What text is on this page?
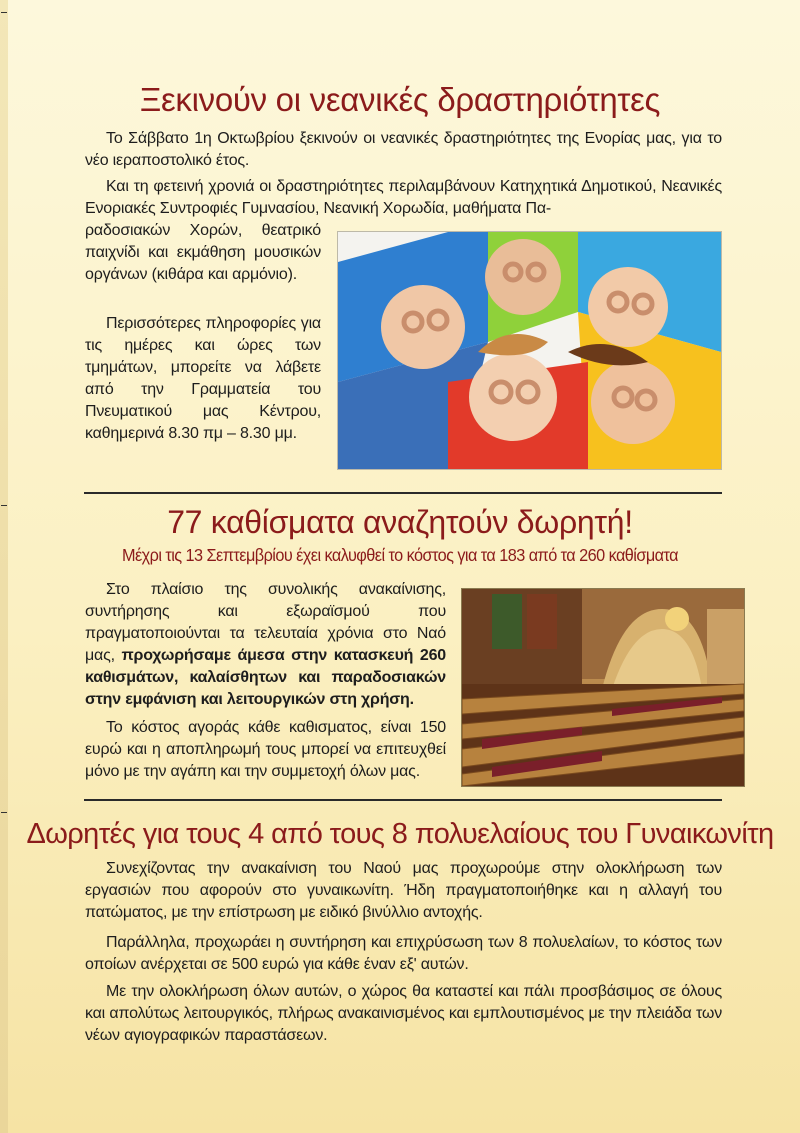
Ξεκινούν οι νεανικές δραστηριότητες

Το Σάββατο 1η Οκτωβρίου ξεκινούν οι νεανικές δραστηριότητες της Ενορίας μας, για το νέο ιεραποστολικό έτος.

Και τη φετεινή χρονιά οι δραστηριότητες περιλαμβάνουν Κατηχητικά Δημοτικού, Νεανικές Ενοριακές Συντροφιές Γυμνασίου, Νεανική Χορωδία, μαθήματα Πα-

ραδοσιακών Χορών, θεατρικό παιχνίδι και εκμάθηση μουσικών οργάνων (κιθάρα και αρμόνιο).

Περισσότερες πληροφορίες για τις ημέρες και ώρες των τμημάτων, μπορείτε να λάβετε από την Γραμματεία του Πνευματικού μας Κέντρου, καθημερινά 8.30 πμ – 8.30 μμ.

77 καθίσματα αναζητούν δωρητή!

Μέχρι τις 13 Σεπτεμβρίου έχει καλυφθεί το κόστος για τα 183 από τα 260 καθίσματα

Στο πλαίσιο της συνολικής ανακαίνισης, συντήρησης και εξωραϊσμού που πραγματοποιούνται τα τελευταία χρόνια στο Ναό μας, προχωρήσαμε άμεσα στην κατασκευή 260 καθισμάτων, καλαίσθητων και παραδοσιακών στην εμφάνιση και λειτουργικών στη χρήση.

Το κόστος αγοράς κάθε καθισματος, είναι 150 ευρώ και η αποπληρωμή τους μπορεί να επιτευχθεί μόνο με την αγάπη και την συμμετοχή όλων μας.

Δωρητές για τους 4 από τους 8 πολυελαίους του Γυναικωνίτη

Συνεχίζοντας την ανακαίνιση του Ναού μας προχωρούμε στην ολοκλήρωση των εργασιών που αφορούν στο γυναικωνίτη. Ήδη πραγματοποιήθηκε και η αλλαγή του πατώματος, με την επίστρωση με ειδικό βινύλλιο αντοχής.

Παράλληλα, προχωράει η συντήρηση και επιχρύσωση των 8 πολυελαίων, το κόστος των οποίων ανέρχεται σε 500 ευρώ για κάθε έναν εξ' αυτών.

Με την ολοκλήρωση όλων αυτών, ο χώρος θα καταστεί και πάλι προσβάσιμος σε όλους και απολύτως λειτουργικός, πλήρως ανακαινισμένος και εμπλουτισμένος με την πλειάδα των νέων αγιογραφικών παραστάσεων.
